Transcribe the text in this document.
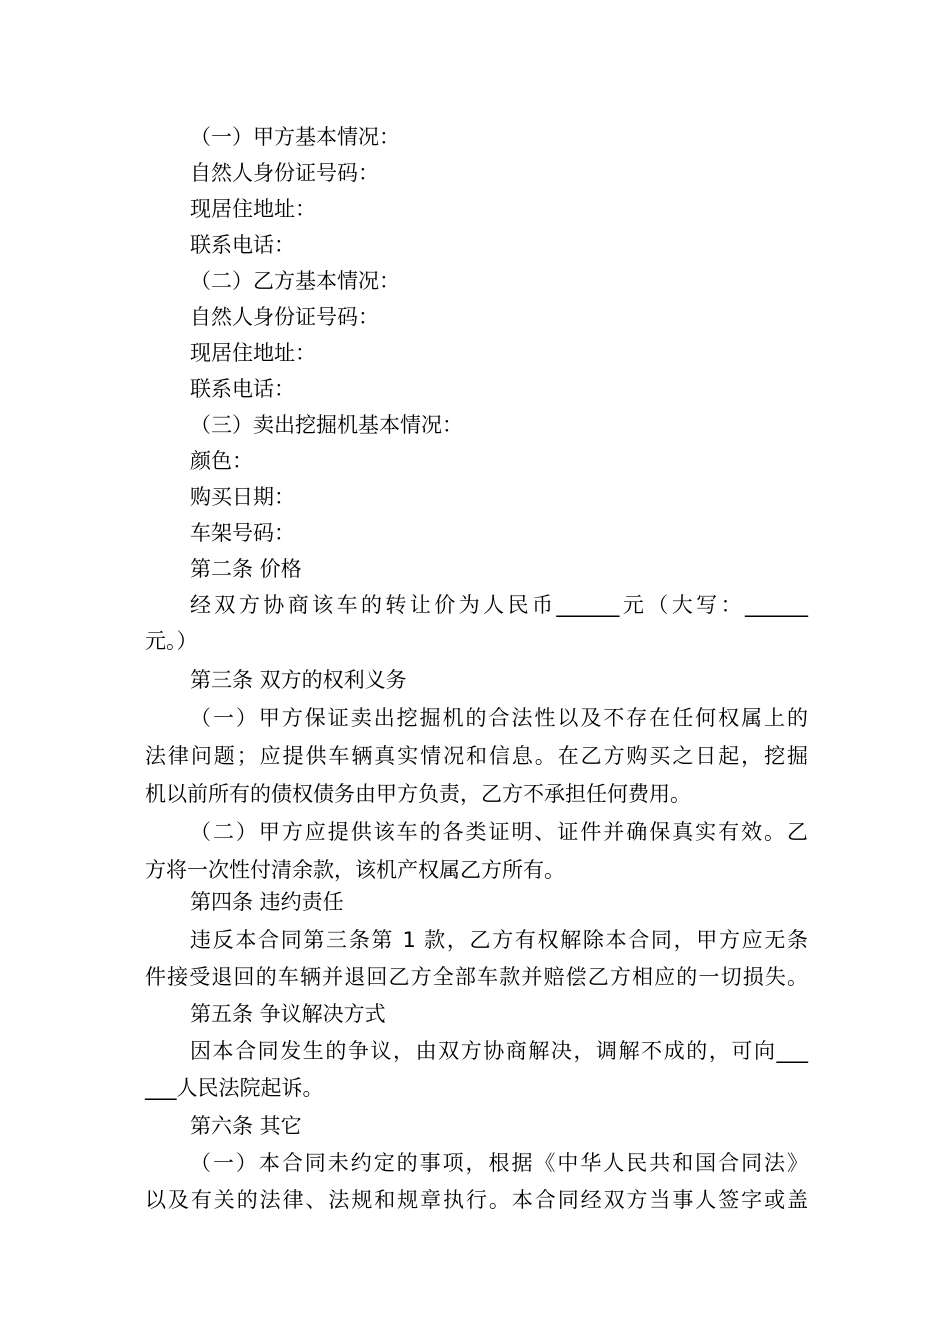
（一）甲方基本情况：
自然人身份证号码：
现居住地址：
联系电话：
（二）乙方基本情况：
自然人身份证号码：
现居住地址：
联系电话：
（三）卖出挖掘机基本情况：
颜色：
购买日期：
车架号码：
第二条 价格
经双方协商该车的转让价为人民币______元（大写：______
元。）
第三条 双方的权利义务
（一）甲方保证卖出挖掘机的合法性以及不存在任何权属上的
法律问题；应提供车辆真实情况和信息。在乙方购买之日起，挖掘
机以前所有的债权债务由甲方负责，乙方不承担任何费用。
（二）甲方应提供该车的各类证明、证件并确保真实有效。乙
方将一次性付清余款，该机产权属乙方所有。
第四条 违约责任
违反本合同第三条第 1 款，乙方有权解除本合同，甲方应无条
件接受退回的车辆并退回乙方全部车款并赔偿乙方相应的一切损失。
第五条 争议解决方式
因本合同发生的争议，由双方协商解决，调解不成的，可向___
___人民法院起诉。
第六条 其它
（一）本合同未约定的事项，根据《中华人民共和国合同法》
以及有关的法律、法规和规章执行。本合同经双方当事人签字或盖
